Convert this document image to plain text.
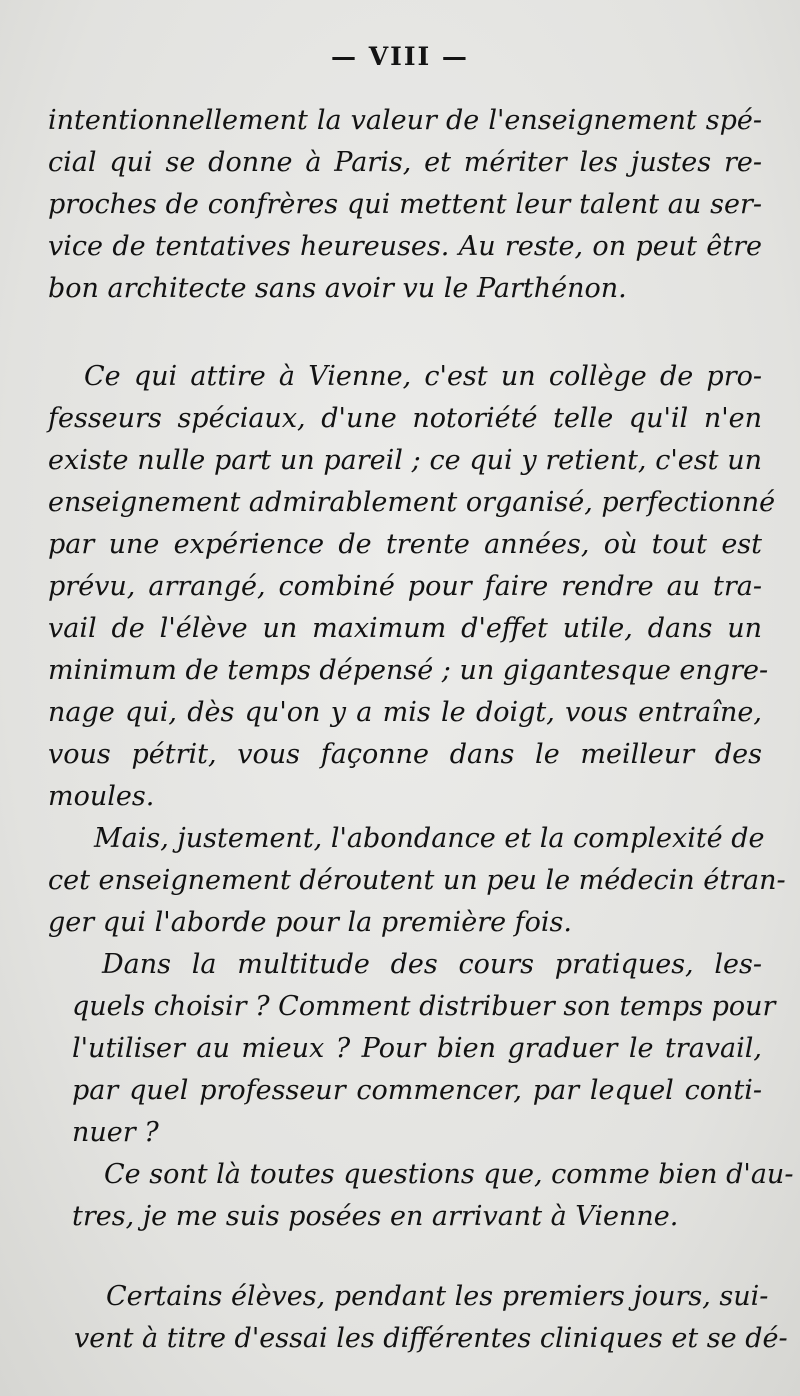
— VIII —
intentionnellement la valeur de l'enseignement spé-
cial qui se donne à Paris, et mériter les justes re-
proches de confrères qui mettent leur talent au ser-
vice de tentatives heureuses. Au reste, on peut être
bon architecte sans avoir vu le Parthénon.
Ce qui attire à Vienne, c'est un collège de pro-
fesseurs spéciaux, d'une notoriété telle qu'il n'en
existe nulle part un pareil ; ce qui y retient, c'est un
enseignement admirablement organisé, perfectionné
par une expérience de trente années, où tout est
prévu, arrangé, combiné pour faire rendre au tra-
vail de l'élève un maximum d'effet utile, dans un
minimum de temps dépensé ; un gigantesque engre-
nage qui, dès qu'on y a mis le doigt, vous entraîne,
vous pétrit, vous façonne dans le meilleur des
moules.
Mais, justement, l'abondance et la complexité de
cet enseignement déroutent un peu le médecin étran-
ger qui l'aborde pour la première fois.
Dans la multitude des cours pratiques, les-
quels choisir ? Comment distribuer son temps pour
l'utiliser au mieux ? Pour bien graduer le travail,
par quel professeur commencer, par lequel conti-
nuer ?
Ce sont là toutes questions que, comme bien d'au-
tres, je me suis posées en arrivant à Vienne.
Certains élèves, pendant les premiers jours, sui-
vent à titre d'essai les différentes cliniques et se dé-
